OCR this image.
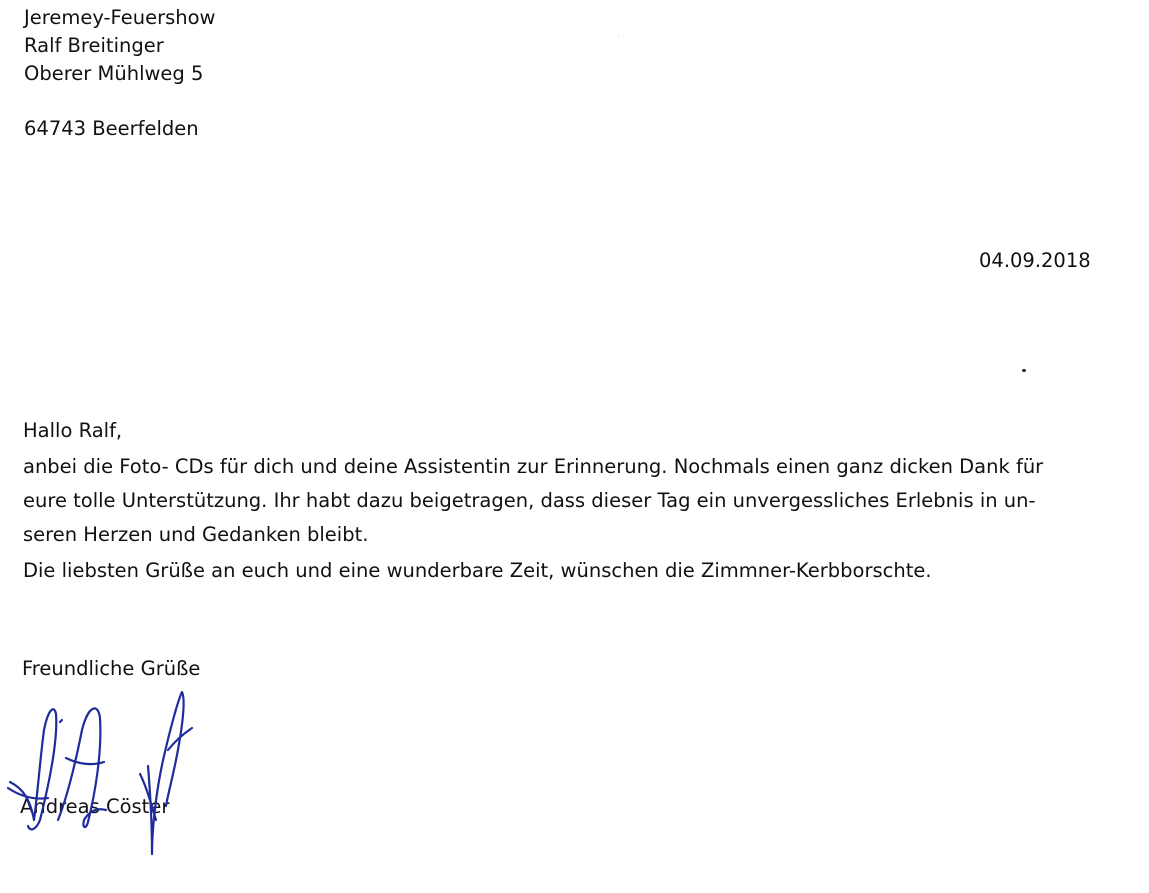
Jeremey-Feuershow
Ralf Breitinger
Oberer Mühlweg 5
64743 Beerfelden
04.09.2018
Hallo Ralf,
anbei die Foto- CDs für dich und deine Assistentin zur Erinnerung. Nochmals einen ganz dicken Dank für
eure tolle Unterstützung. Ihr habt dazu beigetragen, dass dieser Tag ein unvergessliches Erlebnis in un-
seren Herzen und Gedanken bleibt.
Die liebsten Grüße an euch und eine wunderbare Zeit, wünschen die Zimmner-Kerbborschte.
Freundliche Grüße
Andreas Cöster
